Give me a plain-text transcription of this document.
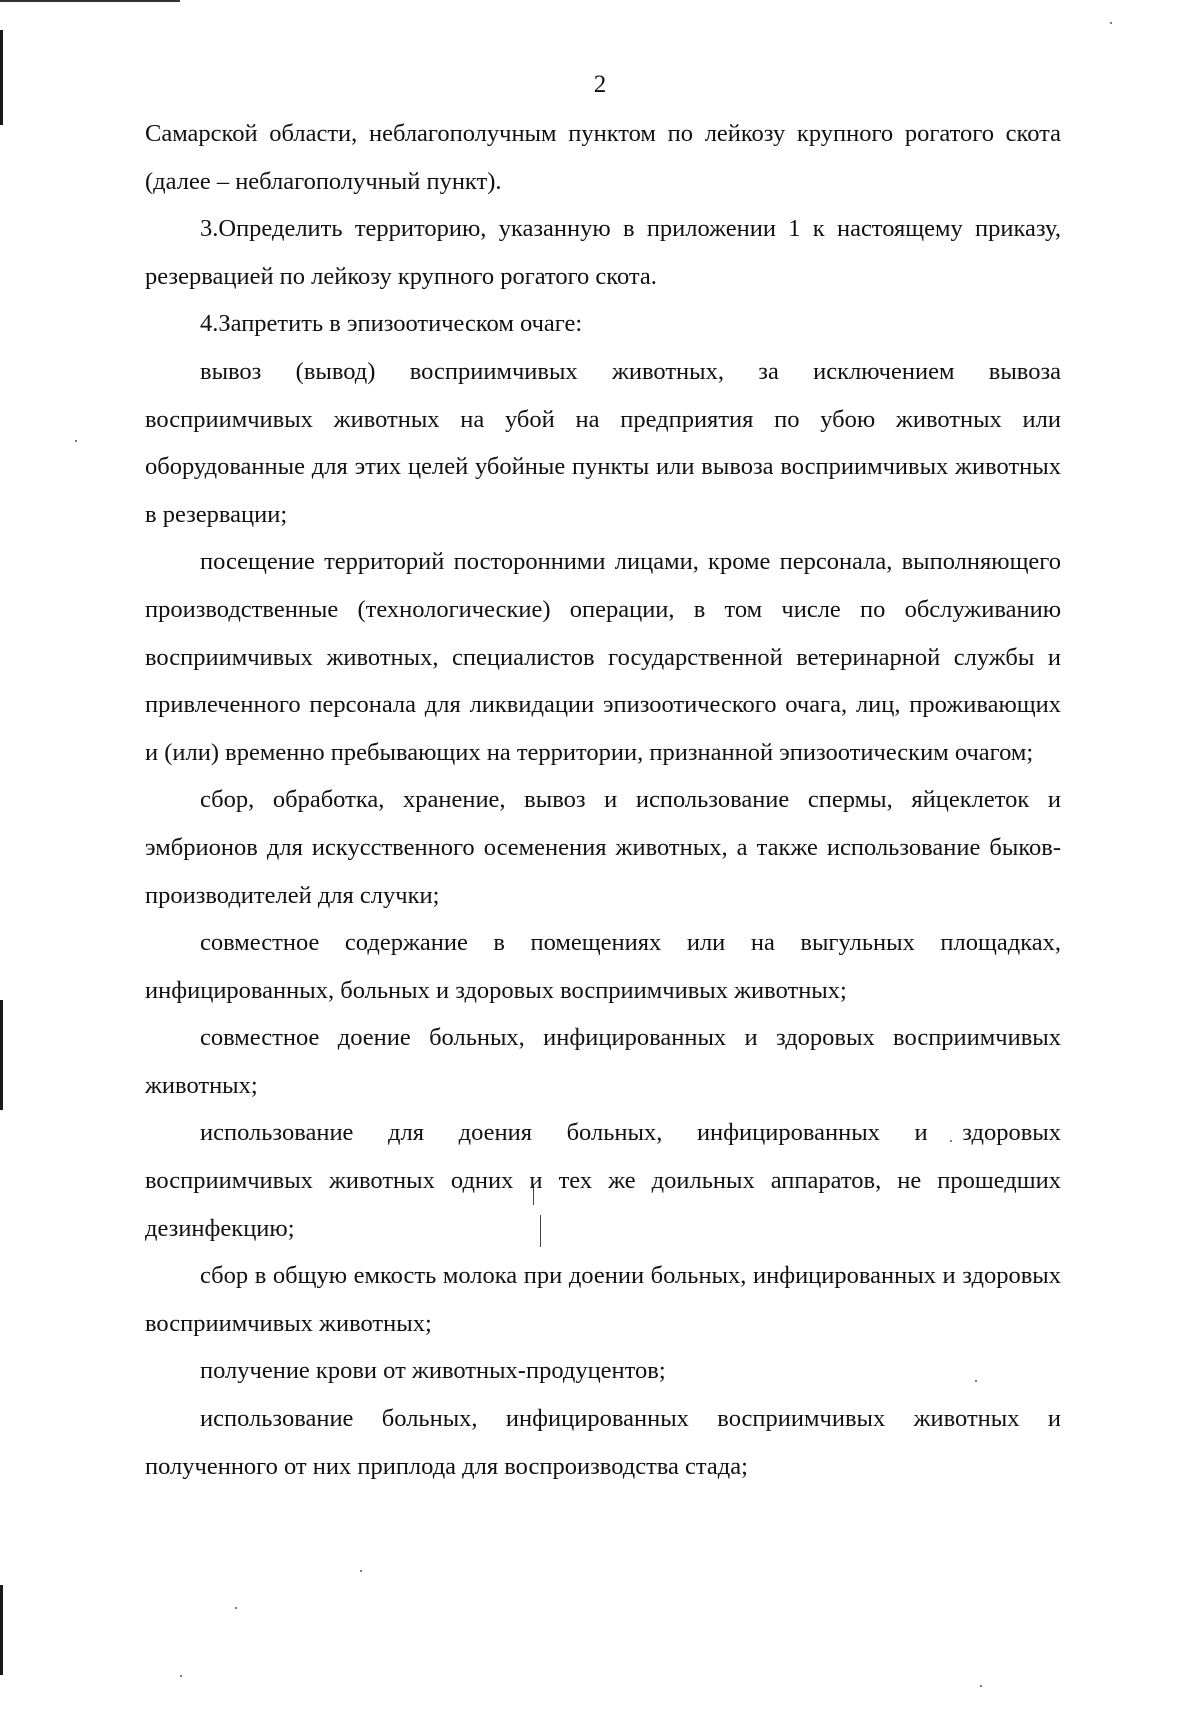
2

Самарской области, неблагополучным пунктом по лейкозу крупного рогатого скота (далее – неблагополучный пункт).

3.Определить территорию, указанную в приложении 1 к настоящему приказу, резервацией по лейкозу крупного рогатого скота.

4.Запретить в эпизоотическом очаге:

вывоз (вывод) восприимчивых животных, за исключением вывоза восприимчивых животных на убой на предприятия по убою животных или оборудованные для этих целей убойные пункты или вывоза восприимчивых животных в резервации;

посещение территорий посторонними лицами, кроме персонала, выполняющего производственные (технологические) операции, в том числе по обслуживанию восприимчивых животных, специалистов государственной ветеринарной службы и привлеченного персонала для ликвидации эпизоотического очага, лиц, проживающих и (или) временно пребывающих на территории, признанной эпизоотическим очагом;

сбор, обработка, хранение, вывоз и использование спермы, яйцеклеток и эмбрионов для искусственного осеменения животных, а также использование быков-производителей для случки;

совместное содержание в помещениях или на выгульных площадках, инфицированных, больных и здоровых восприимчивых животных;

совместное доение больных, инфицированных и здоровых восприимчивых животных;

использование для доения больных, инфицированных и здоровых восприимчивых животных одних и тех же доильных аппаратов, не прошедших дезинфекцию;

сбор в общую емкость молока при доении больных, инфицированных и здоровых восприимчивых животных;

получение крови от животных-продуцентов;

использование больных, инфицированных восприимчивых животных и полученного от них приплода для воспроизводства стада;
